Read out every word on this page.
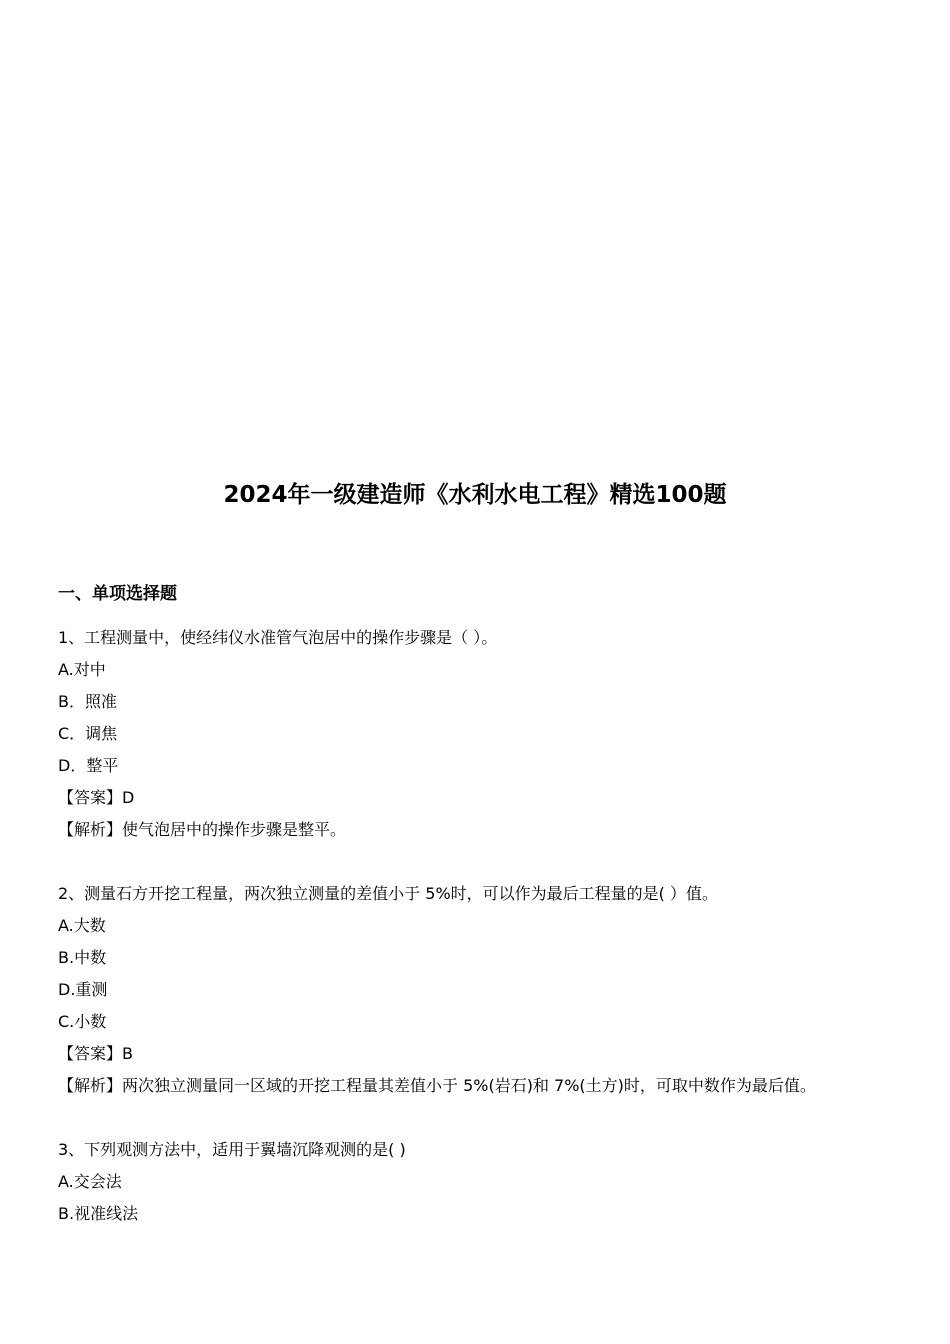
2024年一级建造师《水利水电工程》精选100题
一、单项选择题
1、工程测量中，使经纬仪水准管气泡居中的操作步骤是（ ）。
A.对中
B．照准
C．调焦
D．整平
【答案】D
【解析】使气泡居中的操作步骤是整平。
2、测量石方开挖工程量，两次独立测量的差值小于 5%时，可以作为最后工程量的是( ）值。
A.大数
B.中数
D.重测
C.小数
【答案】B
【解析】两次独立测量同一区域的开挖工程量其差值小于 5%(岩石)和 7%(土方)时，可取中数作为最后值。
3、下列观测方法中，适用于翼墙沉降观测的是( )
A.交会法
B.视准线法
